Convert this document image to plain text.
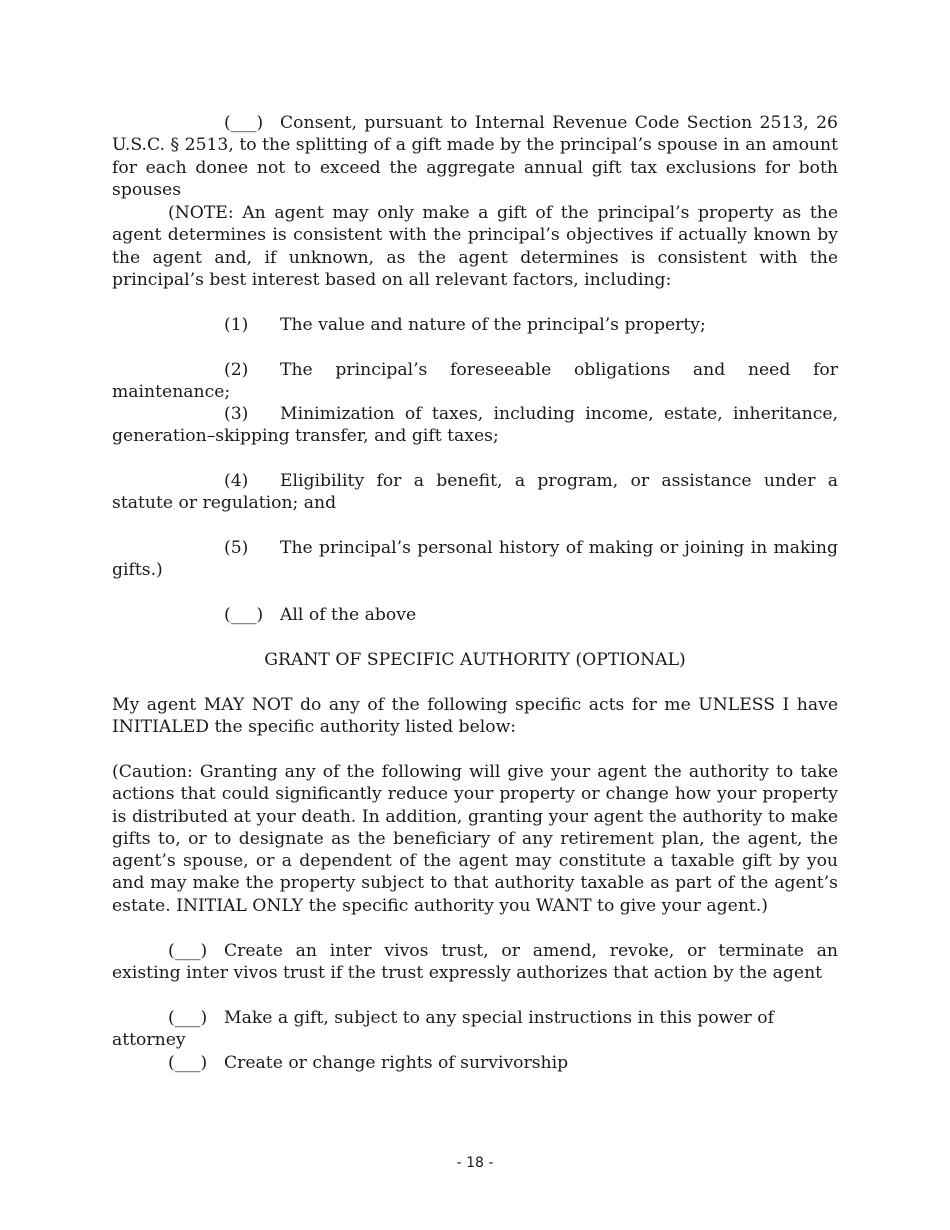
(___) Consent, pursuant to Internal Revenue Code Section 2513, 26 U.S.C. § 2513, to the splitting of a gift made by the principal’s spouse in an amount for each donee not to exceed the aggregate annual gift tax exclusions for both spouses

(NOTE: An agent may only make a gift of the principal’s property as the agent determines is consistent with the principal’s objectives if actually known by the agent and, if unknown, as the agent determines is consistent with the principal’s best interest based on all relevant factors, including:

(1) The value and nature of the principal’s property;

(2) The principal’s foreseeable obligations and need for maintenance;

(3) Minimization of taxes, including income, estate, inheritance, generation–skipping transfer, and gift taxes;

(4) Eligibility for a benefit, a program, or assistance under a statute or regulation; and

(5) The principal’s personal history of making or joining in making gifts.)

(___) All of the above

GRANT OF SPECIFIC AUTHORITY (OPTIONAL)

My agent MAY NOT do any of the following specific acts for me UNLESS I have INITIALED the specific authority listed below:

(Caution: Granting any of the following will give your agent the authority to take actions that could significantly reduce your property or change how your property is distributed at your death. In addition, granting your agent the authority to make gifts to, or to designate as the beneficiary of any retirement plan, the agent, the agent’s spouse, or a dependent of the agent may constitute a taxable gift by you and may make the property subject to that authority taxable as part of the agent’s estate. INITIAL ONLY the specific authority you WANT to give your agent.)

(___) Create an inter vivos trust, or amend, revoke, or terminate an existing inter vivos trust if the trust expressly authorizes that action by the agent

(___) Make a gift, subject to any special instructions in this power of attorney

(___) Create or change rights of survivorship

- 18 -
